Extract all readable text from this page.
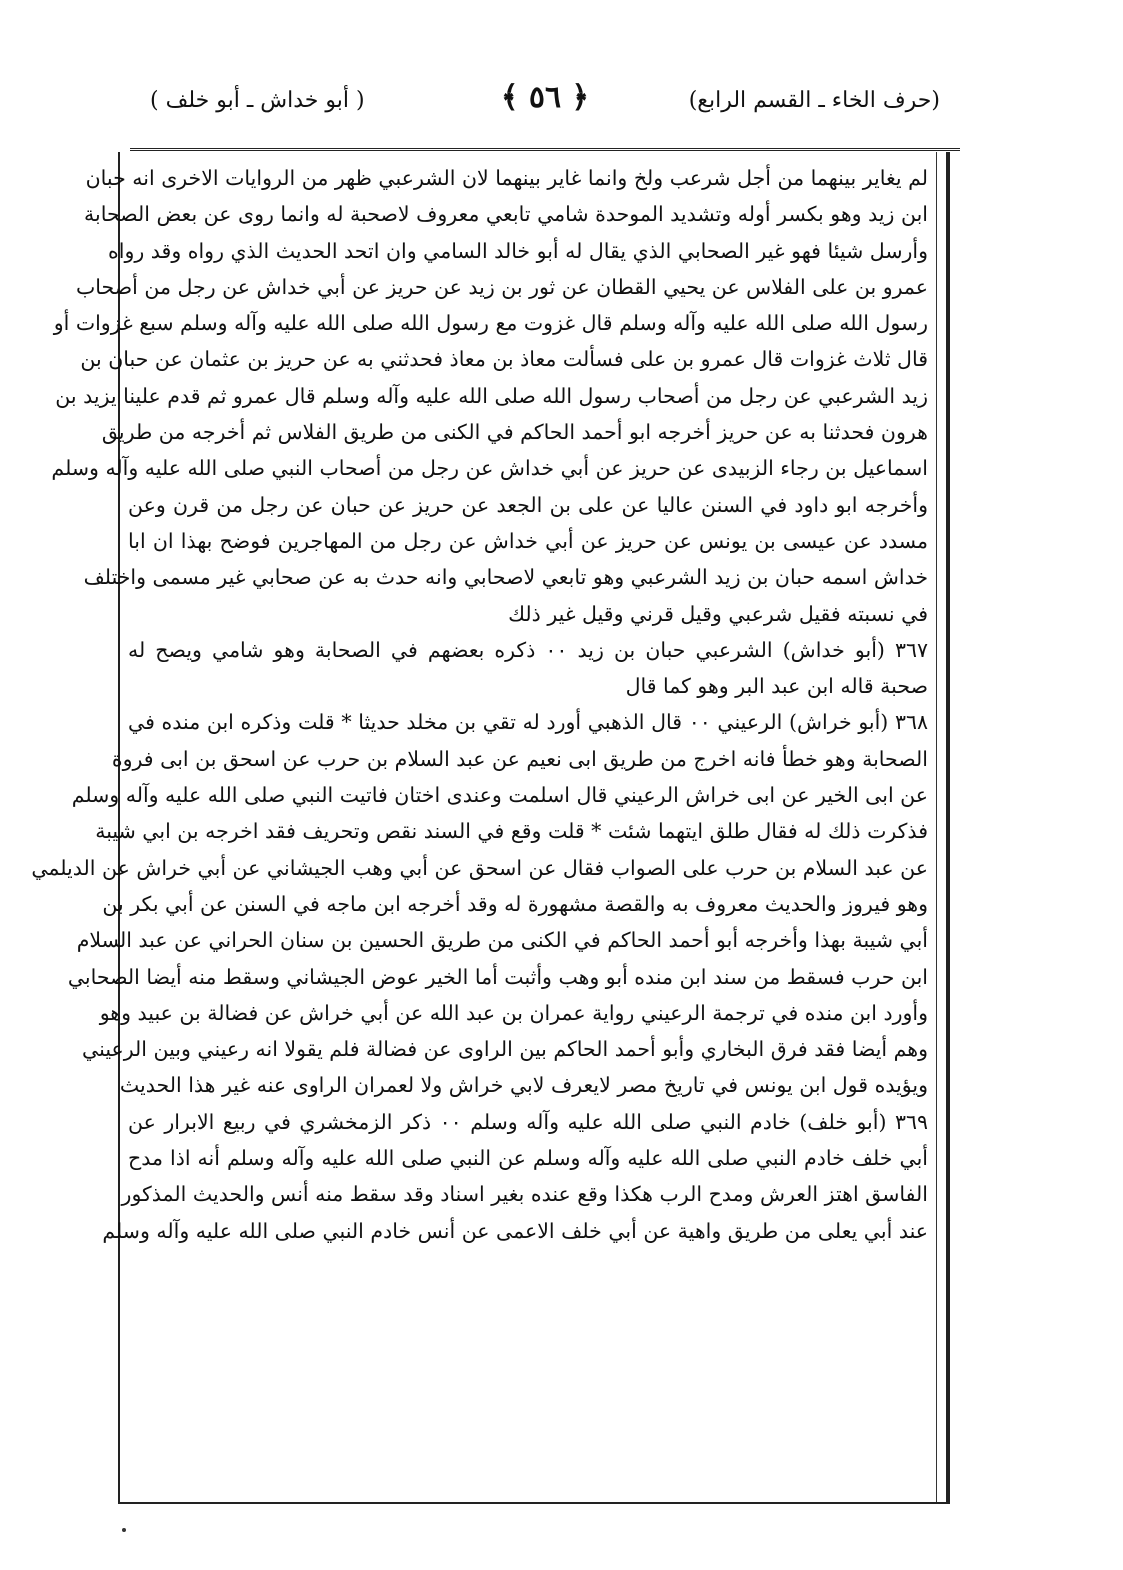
(حرف الخاء ـ القسم الرابع)
﴿ ٥٦ ﴾
( أبو خداش ـ أبو خلف )
لم يغاير بينهما من أجل شرعب ولخ وانما غاير بينهما لان الشرعبي ظهر من الروايات الاخرى انه حبان
ابن زيد وهو بكسر أوله وتشديد الموحدة شامي تابعي معروف لاصحبة له وانما روى عن بعض الصحابة
وأرسل شيئا فهو غير الصحابي الذي يقال له أبو خالد السامي وان اتحد الحديث الذي رواه وقد رواه
عمرو بن على الفلاس عن يحيي القطان عن ثور بن زيد عن حريز عن أبي خداش عن رجل من أصحاب
رسول الله صلى الله عليه وآله وسلم قال غزوت مع رسول الله صلى الله عليه وآله وسلم سبع غزوات أو
قال ثلاث غزوات قال عمرو بن على فسألت معاذ بن معاذ فحدثني به عن حريز بن عثمان عن حبان بن
زيد الشرعبي عن رجل من أصحاب رسول الله صلى الله عليه وآله وسلم قال عمرو ثم قدم علينا يزيد بن
هرون فحدثنا به عن حريز أخرجه ابو أحمد الحاكم في الكنى من طريق الفلاس ثم أخرجه من طريق
اسماعيل بن رجاء الزبيدى عن حريز عن أبي خداش عن رجل من أصحاب النبي صلى الله عليه وآله وسلم
وأخرجه ابو داود في السنن عاليا عن على بن الجعد عن حريز عن حبان عن رجل من قرن وعن
مسدد عن عيسى بن يونس عن حريز عن أبي خداش عن رجل من المهاجرين فوضح بهذا ان ابا
خداش اسمه حبان بن زيد الشرعبي وهو تابعي لاصحابي وانه حدث به عن صحابي غير مسمى واختلف
في نسبته فقيل شرعبي وقيل قرني وقيل غير ذلك
٣٦٧ (أبو خداش) الشرعبي حبان بن زيد ٠٠ ذكره بعضهم في الصحابة وهو شامي ويصح له
صحبة قاله ابن عبد البر وهو كما قال
٣٦٨ (أبو خراش) الرعيني ٠٠ قال الذهبي أورد له تقي بن مخلد حديثا * قلت وذكره ابن منده في
الصحابة وهو خطأ فانه اخرج من طريق ابى نعيم عن عبد السلام بن حرب عن اسحق بن ابى فروة
عن ابى الخير عن ابى خراش الرعيني قال اسلمت وعندى اختان فاتيت النبي صلى الله عليه وآله وسلم
فذكرت ذلك له فقال طلق ايتهما شئت * قلت وقع في السند نقص وتحريف فقد اخرجه بن ابي شيبة
عن عبد السلام بن حرب على الصواب فقال عن اسحق عن أبي وهب الجيشاني عن أبي خراش عن الديلمي
وهو فيروز والحديث معروف به والقصة مشهورة له وقد أخرجه ابن ماجه في السنن عن أبي بكر بن
أبي شيبة بهذا وأخرجه أبو أحمد الحاكم في الكنى من طريق الحسين بن سنان الحراني عن عبد السلام
ابن حرب فسقط من سند ابن منده أبو وهب وأثبت أما الخير عوض الجيشاني وسقط منه أيضا الصحابي
وأورد ابن منده في ترجمة الرعيني رواية عمران بن عبد الله عن أبي خراش عن فضالة بن عبيد وهو
وهم أيضا فقد فرق البخاري وأبو أحمد الحاكم بين الراوى عن فضالة فلم يقولا انه رعيني وبين الرعيني
ويؤيده قول ابن يونس في تاريخ مصر لايعرف لابي خراش ولا لعمران الراوى عنه غير هذا الحديث
٣٦٩ (أبو خلف) خادم النبي صلى الله عليه وآله وسلم ٠٠ ذكر الزمخشري في ربيع الابرار عن
أبي خلف خادم النبي صلى الله عليه وآله وسلم عن النبي صلى الله عليه وآله وسلم أنه اذا مدح
الفاسق اهتز العرش ومدح الرب هكذا وقع عنده بغير اسناد وقد سقط منه أنس والحديث المذكور
عند أبي يعلى من طريق واهية عن أبي خلف الاعمى عن أنس خادم النبي صلى الله عليه وآله وسلم
